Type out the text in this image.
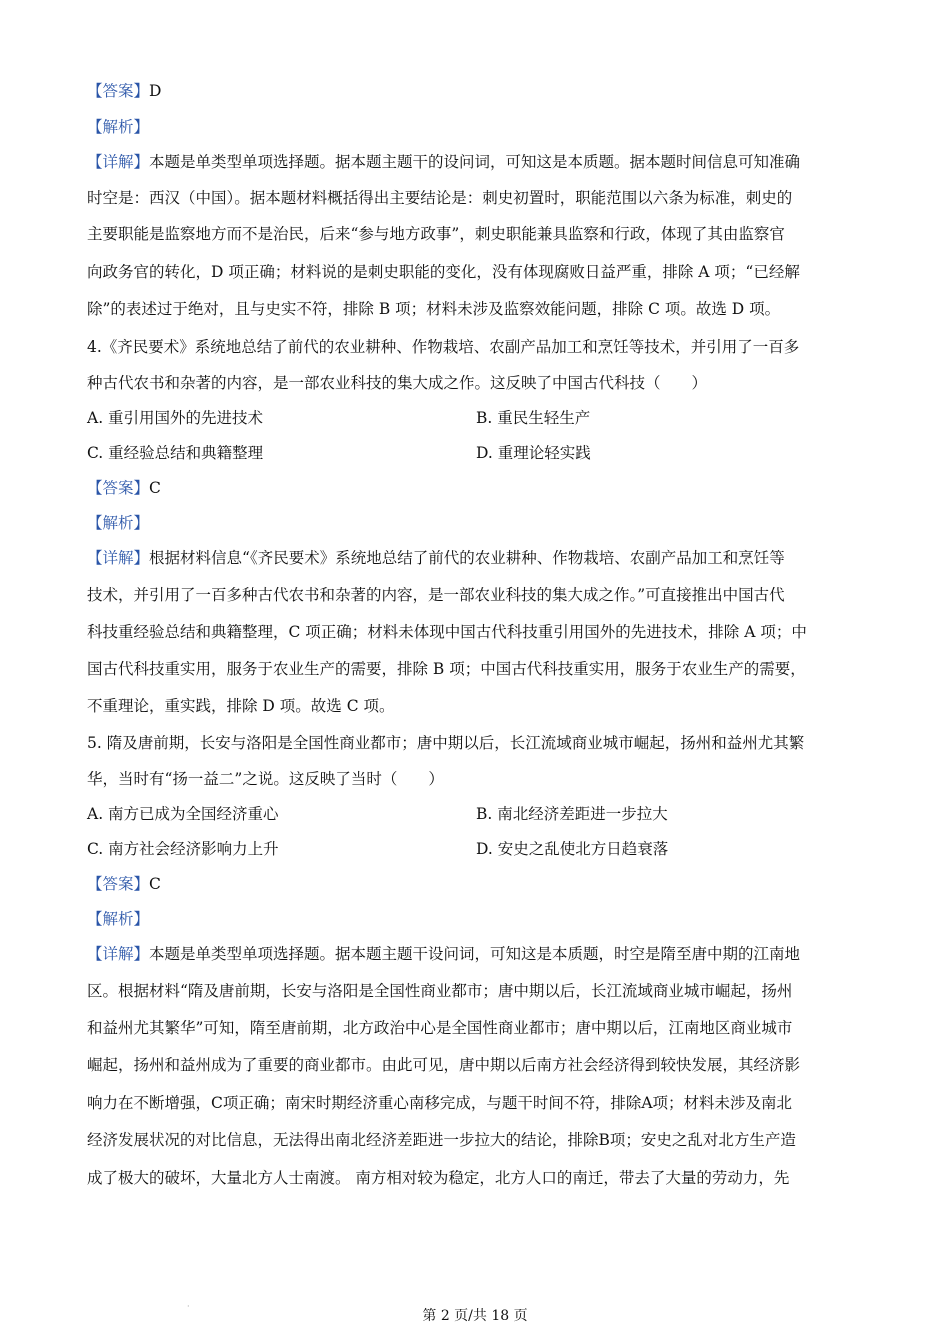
【答案】D
【解析】
【详解】本题是单类型单项选择题。据本题主题干的设问词，可知这是本质题。据本题时间信息可知准确
时空是：西汉（中国）。据本题材料概括得出主要结论是：刺史初置时，职能范围以六条为标准，刺史的
主要职能是监察地方而不是治民，后来“参与地方政事”，刺史职能兼具监察和行政，体现了其由监察官
向政务官的转化，D 项正确；材料说的是刺史职能的变化，没有体现腐败日益严重，排除 A 项；“已经解
除”的表述过于绝对，且与史实不符，排除 B 项；材料未涉及监察效能问题，排除 C 项。故选 D 项。
4.《齐民要术》系统地总结了前代的农业耕种、作物栽培、农副产品加工和烹饪等技术，并引用了一百多
种古代农书和杂著的内容，是一部农业科技的集大成之作。这反映了中国古代科技（　　）
A. 重引用国外的先进技术	B. 重民生轻生产
C. 重经验总结和典籍整理	D. 重理论轻实践
【答案】C
【解析】
【详解】根据材料信息“《齐民要术》系统地总结了前代的农业耕种、作物栽培、农副产品加工和烹饪等
技术，并引用了一百多种古代农书和杂著的内容，是一部农业科技的集大成之作。”可直接推出中国古代
科技重经验总结和典籍整理，C 项正确；材料未体现中国古代科技重引用国外的先进技术，排除 A 项；中
国古代科技重实用，服务于农业生产的需要，排除 B 项；中国古代科技重实用，服务于农业生产的需要，
不重理论，重实践，排除 D 项。故选 C 项。
5. 隋及唐前期，长安与洛阳是全国性商业都市；唐中期以后，长江流域商业城市崛起，扬州和益州尤其繁
华，当时有“扬一益二”之说。这反映了当时（　　）
A. 南方已成为全国经济重心	B. 南北经济差距进一步拉大
C. 南方社会经济影响力上升	D. 安史之乱使北方日趋衰落
【答案】C
【解析】
【详解】本题是单类型单项选择题。据本题主题干设问词，可知这是本质题，时空是隋至唐中期的江南地
区。根据材料“隋及唐前期，长安与洛阳是全国性商业都市；唐中期以后，长江流域商业城市崛起，扬州
和益州尤其繁华”可知，隋至唐前期，北方政治中心是全国性商业都市；唐中期以后，江南地区商业城市
崛起，扬州和益州成为了重要的商业都市。由此可见，唐中期以后南方社会经济得到较快发展，其经济影
响力在不断增强，C项正确；南宋时期经济重心南移完成，与题干时间不符，排除A项；材料未涉及南北
经济发展状况的对比信息，无法得出南北经济差距进一步拉大的结论，排除B项；安史之乱对北方生产造
成了极大的破坏，大量北方人士南渡。 南方相对较为稳定，北方人口的南迁，带去了大量的劳动力，先
·
第 2 页/共 18 页
